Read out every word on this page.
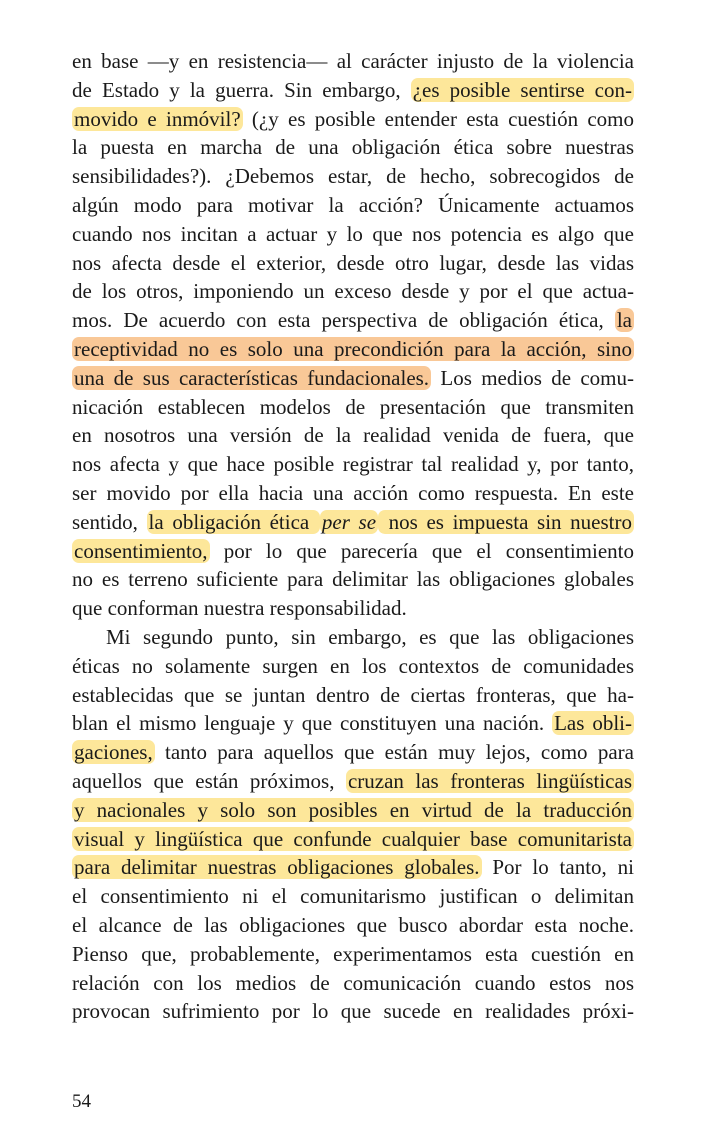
en base —y en resistencia— al carácter injusto de la violencia
de Estado y la guerra. Sin embargo, ¿es posible sentirse con-
movido e inmóvil? (¿y es posible entender esta cuestión como
la puesta en marcha de una obligación ética sobre nuestras
sensibilidades?). ¿Debemos estar, de hecho, sobrecogidos de
algún modo para motivar la acción? Únicamente actuamos
cuando nos incitan a actuar y lo que nos potencia es algo que
nos afecta desde el exterior, desde otro lugar, desde las vidas
de los otros, imponiendo un exceso desde y por el que actua-
mos. De acuerdo con esta perspectiva de obligación ética, la
receptividad no es solo una precondición para la acción, sino
una de sus características fundacionales. Los medios de comu-
nicación establecen modelos de presentación que transmiten
en nosotros una versión de la realidad venida de fuera, que
nos afecta y que hace posible registrar tal realidad y, por tanto,
ser movido por ella hacia una acción como respuesta. En este
sentido, la obligación ética per se nos es impuesta sin nuestro
consentimiento, por lo que parecería que el consentimiento
no es terreno suficiente para delimitar las obligaciones globales
que conforman nuestra responsabilidad.
Mi segundo punto, sin embargo, es que las obligaciones
éticas no solamente surgen en los contextos de comunidades
establecidas que se juntan dentro de ciertas fronteras, que ha-
blan el mismo lenguaje y que constituyen una nación. Las obli-
gaciones, tanto para aquellos que están muy lejos, como para
aquellos que están próximos, cruzan las fronteras lingüísticas
y nacionales y solo son posibles en virtud de la traducción
visual y lingüística que confunde cualquier base comunitarista
para delimitar nuestras obligaciones globales. Por lo tanto, ni
el consentimiento ni el comunitarismo justifican o delimitan
el alcance de las obligaciones que busco abordar esta noche.
Pienso que, probablemente, experimentamos esta cuestión en
relación con los medios de comunicación cuando estos nos
provocan sufrimiento por lo que sucede en realidades próxi-
54
